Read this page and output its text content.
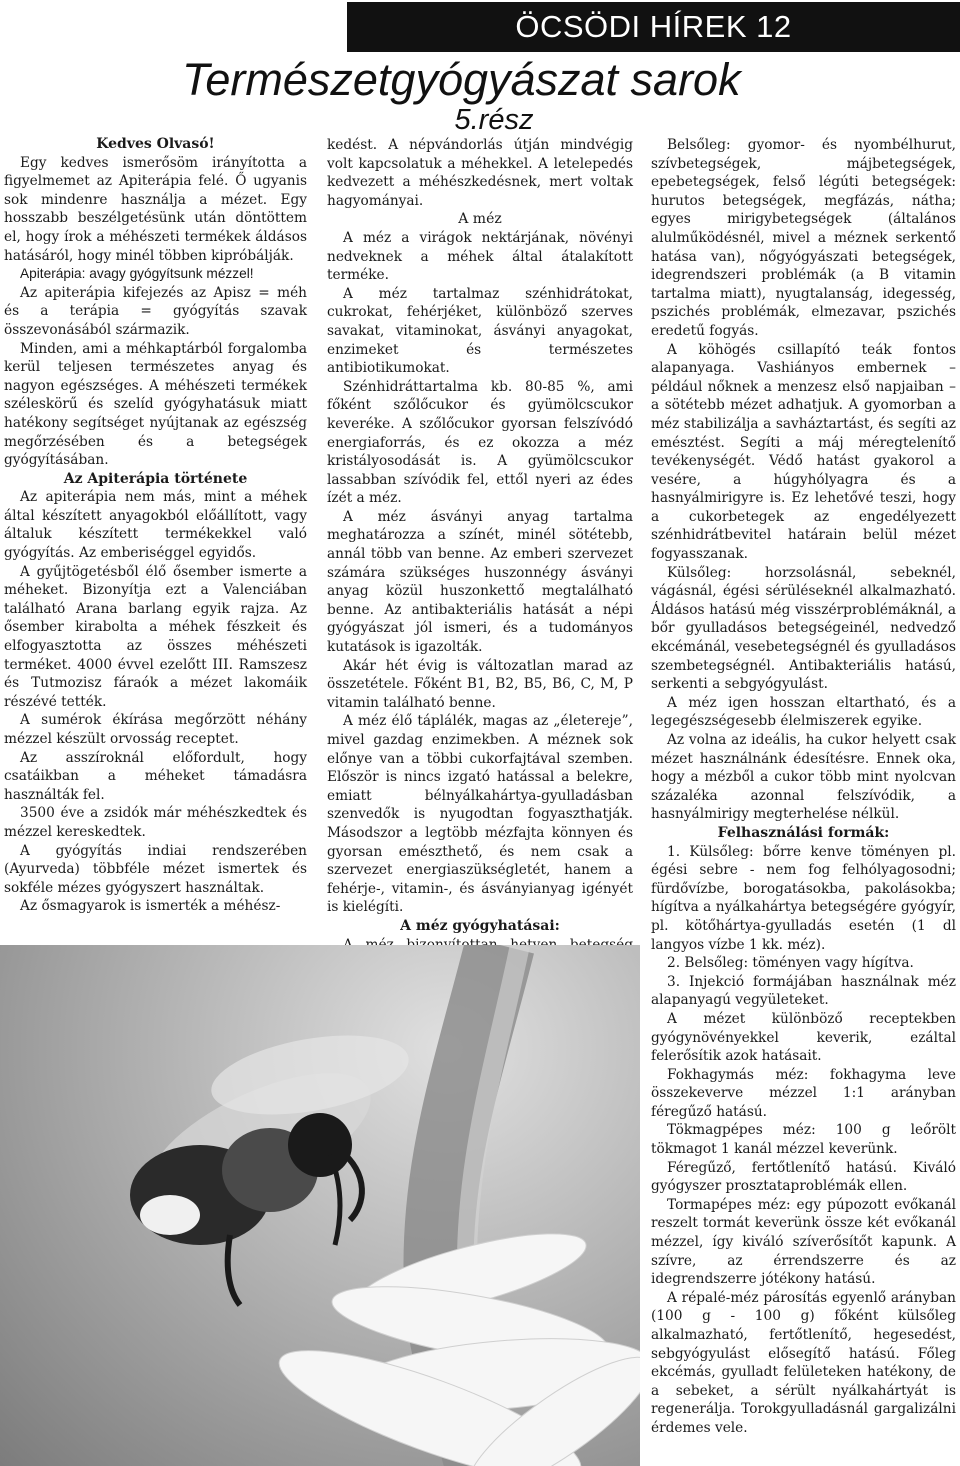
ÖCSÖDI HÍREK 12
Természetgyógyászat sarok
5.rész
Kedves Olvasó!

Egy kedves ismerősöm irányította a figyelmemet az Apiterápia felé. Ő ugyanis sok mindenre használja a mézet. Egy hosszabb beszélgetésünk után döntöttem el, hogy írok a méhészeti termékek áldásos hatásáról, hogy minél többen kipróbálják.

Apiterápia: avagy gyógyítsunk mézzel!

Az apiterápia kifejezés az Apisz = méh és a terápia = gyógyítás szavak összevonásából származik.

Minden, ami a méhkaptárból forgalomba kerül teljesen természetes anyag és nagyon egészséges. A méhészeti termékek széleskörű és szelíd gyógyhatásuk miatt hatékony segítséget nyújtanak az egészség megőrzésében és a betegségek gyógyításában.

Az Apiterápia története

Az apiterápia nem más, mint a méhek által készített anyagokból előállított, vagy általuk készített termékekkel való gyógyítás. Az emberiséggel egyidős.

A gyűjtögetésből élő ősember ismerte a méheket. Bizonyítja ezt a Valenciában található Arana barlang egyik rajza. Az ősember kirabolta a méhek fészkeit és elfogyasztotta az összes méhészeti terméket. 4000 évvel ezelőtt III. Ramszesz és Tutmozisz fáraók a mézet lakomáik részévé tették.

A sumérok ékírása megőrzött néhány mézzel készült orvosság receptet.

Az asszíroknál előfordult, hogy csatáikban a méheket támadásra használták fel.

3500 éve a zsidók már méhészkedtek és mézzel kereskedtek.

A gyógyítás indiai rendszerében (Ayurveda) többféle mézet ismertek és sokféle mézes gyógyszert használtak.

Az ősmagyarok is ismerték a méhész-

kedést. A népvándorlás útján mindvégig volt kapcsolatuk a méhekkel. A letelepedés kedvezett a méhészkedésnek, mert voltak hagyományai.

A méz

A méz a virágok nektárjának, növényi nedveknek a méhek által átalakított terméke.

A méz tartalmaz szénhidrátokat, cukrokat, fehérjéket, különböző szerves savakat, vitaminokat, ásványi anyagokat, enzimeket és természetes antibiotikumokat.

Szénhidráttartalma kb. 80-85 %, ami főként szőlőcukor és gyümölcscukor keveréke. A szőlőcukor gyorsan felszívódó energiaforrás, és ez okozza a méz kristályosodását is. A gyümölcscukor lassabban szívódik fel, ettől nyeri az édes ízét a méz.

A méz ásványi anyag tartalma meghatározza a színét, minél sötétebb, annál több van benne. Az emberi szervezet számára szükséges huszonnégy ásványi anyag közül huszonkettő megtalálható benne. Az antibakteriális hatását a népi gyógyászat jól ismeri, és a tudományos kutatások is igazolták.

Akár hét évig is változatlan marad az összetétele. Főként B1, B2, B5, B6, C, M, P vitamin található benne.

A méz élő táplálék, magas az „életereje”, mivel gazdag enzimekben. A méznek sok előnye van a többi cukorfajtával szemben. Először is nincs izgató hatással a belekre, emiatt bélnyálkahártya-gyulladásban szenvedők is nyugodtan fogyaszthatják. Másodszor a legtöbb mézfajta könnyen és gyorsan emészthető, és nem csak a szervezet energiaszükségletét, hanem a fehérje-, vitamin-, és ásványianyag igényét is kielégíti.

A méz gyógyhatásai:

Belsőleg: gyomor- és nyombélhurut, szívbetegségek, májbetegségek, epebetegségek, felső légúti betegségek: hurutos betegségek, megfázás, nátha; egyes mirigybetegségek (általános alulműködésnél, mivel a méznek serkentő hatása van), nőgyógyászati betegségek, idegrendszeri problémák (a B vitamin tartalma miatt), nyugtalanság, idegesség, pszichés problémák, elmezavar, pszichés eredetű fogyás.

A köhögés csillapító teák fontos alapanyaga. Vashiányos embernek – például nőknek a menzesz első napjaiban – a sötétebb mézet adhatjuk. A gyomorban a méz stabilizálja a savháztartást, és segíti az emésztést. Segíti a máj méregtelenítő tevékenységét. Védő hatást gyakorol a vesére, a húgyhólyagra és a hasnyálmirigyre is. Ez lehetővé teszi, hogy a cukorbetegek az engedélyezett szénhidrátbevitel határain belül mézet fogyasszanak.

Külsőleg: horzsolásnál, sebeknél, vágásnál, égési sérüléseknél alkalmazható. Áldásos hatású még visszérproblémáknál, a bőr gyulladásos betegségeinél, nedvedző ekcémánál, vesebetegségnél és gyulladásos szembetegségnél. Antibakteriális hatású, serkenti a sebgyógyulást.

A méz igen hosszan eltartható, és a legegészségesebb élelmiszerek egyike.

Az volna az ideális, ha cukor helyett csak mézet használnánk édesítésre. Ennek oka, hogy a mézből a cukor több mint nyolcvan százaléka azonnal felszívódik, a hasnyálmirigy megterhelése nélkül.

Felhasználási formák:

1. Külsőleg: bőrre kenve töményen pl. égési sebre - nem fog felhólyagosodni; fürdővízbe, borogatásokba, pakolásokba; hígítva a nyálkahártya betegségére gyógyír, pl. kötőhártya-gyulladás esetén (1 dl langyos vízbe 1 kk. méz).

2. Belsőleg: töményen vagy hígítva.

3. Injekció formájában használnak méz alapanyagú vegyületeket.

A mézet különböző receptekben gyógynövényekkel keverik, ezáltal felerősítik azok hatásait.

Fokhagymás méz: fokhagyma leve összekeverve mézzel 1:1 arányban féregűző hatású.

Tökmagpépes méz: 100 g leőrölt tökmagot 1 kanál mézzel keverünk.

Féregűző, fertőtlenítő hatású. Kiváló gyógyszer prosztataproblémák ellen.

Tormapépes méz: egy púpozott evőkanál reszelt tormát keverünk össze két evőkanál mézzel, így kiváló szíverősítőt kapunk. A szívre, az érrendszerre és az idegrendszerre jótékony hatású.

A répalé-méz párosítás egyenlő arányban (100 g - 100 g) főként külsőleg alkalmazható, fertőtlenítő, hegesedést, sebgyógyulást elősegítő hatású. Főleg ekcémás, gyulladt felületeken hatékony, de a sebeket, a sérült nyálkahártyát is regenerálja. Torokgyulladásnál gargalizálni érdemes vele.
